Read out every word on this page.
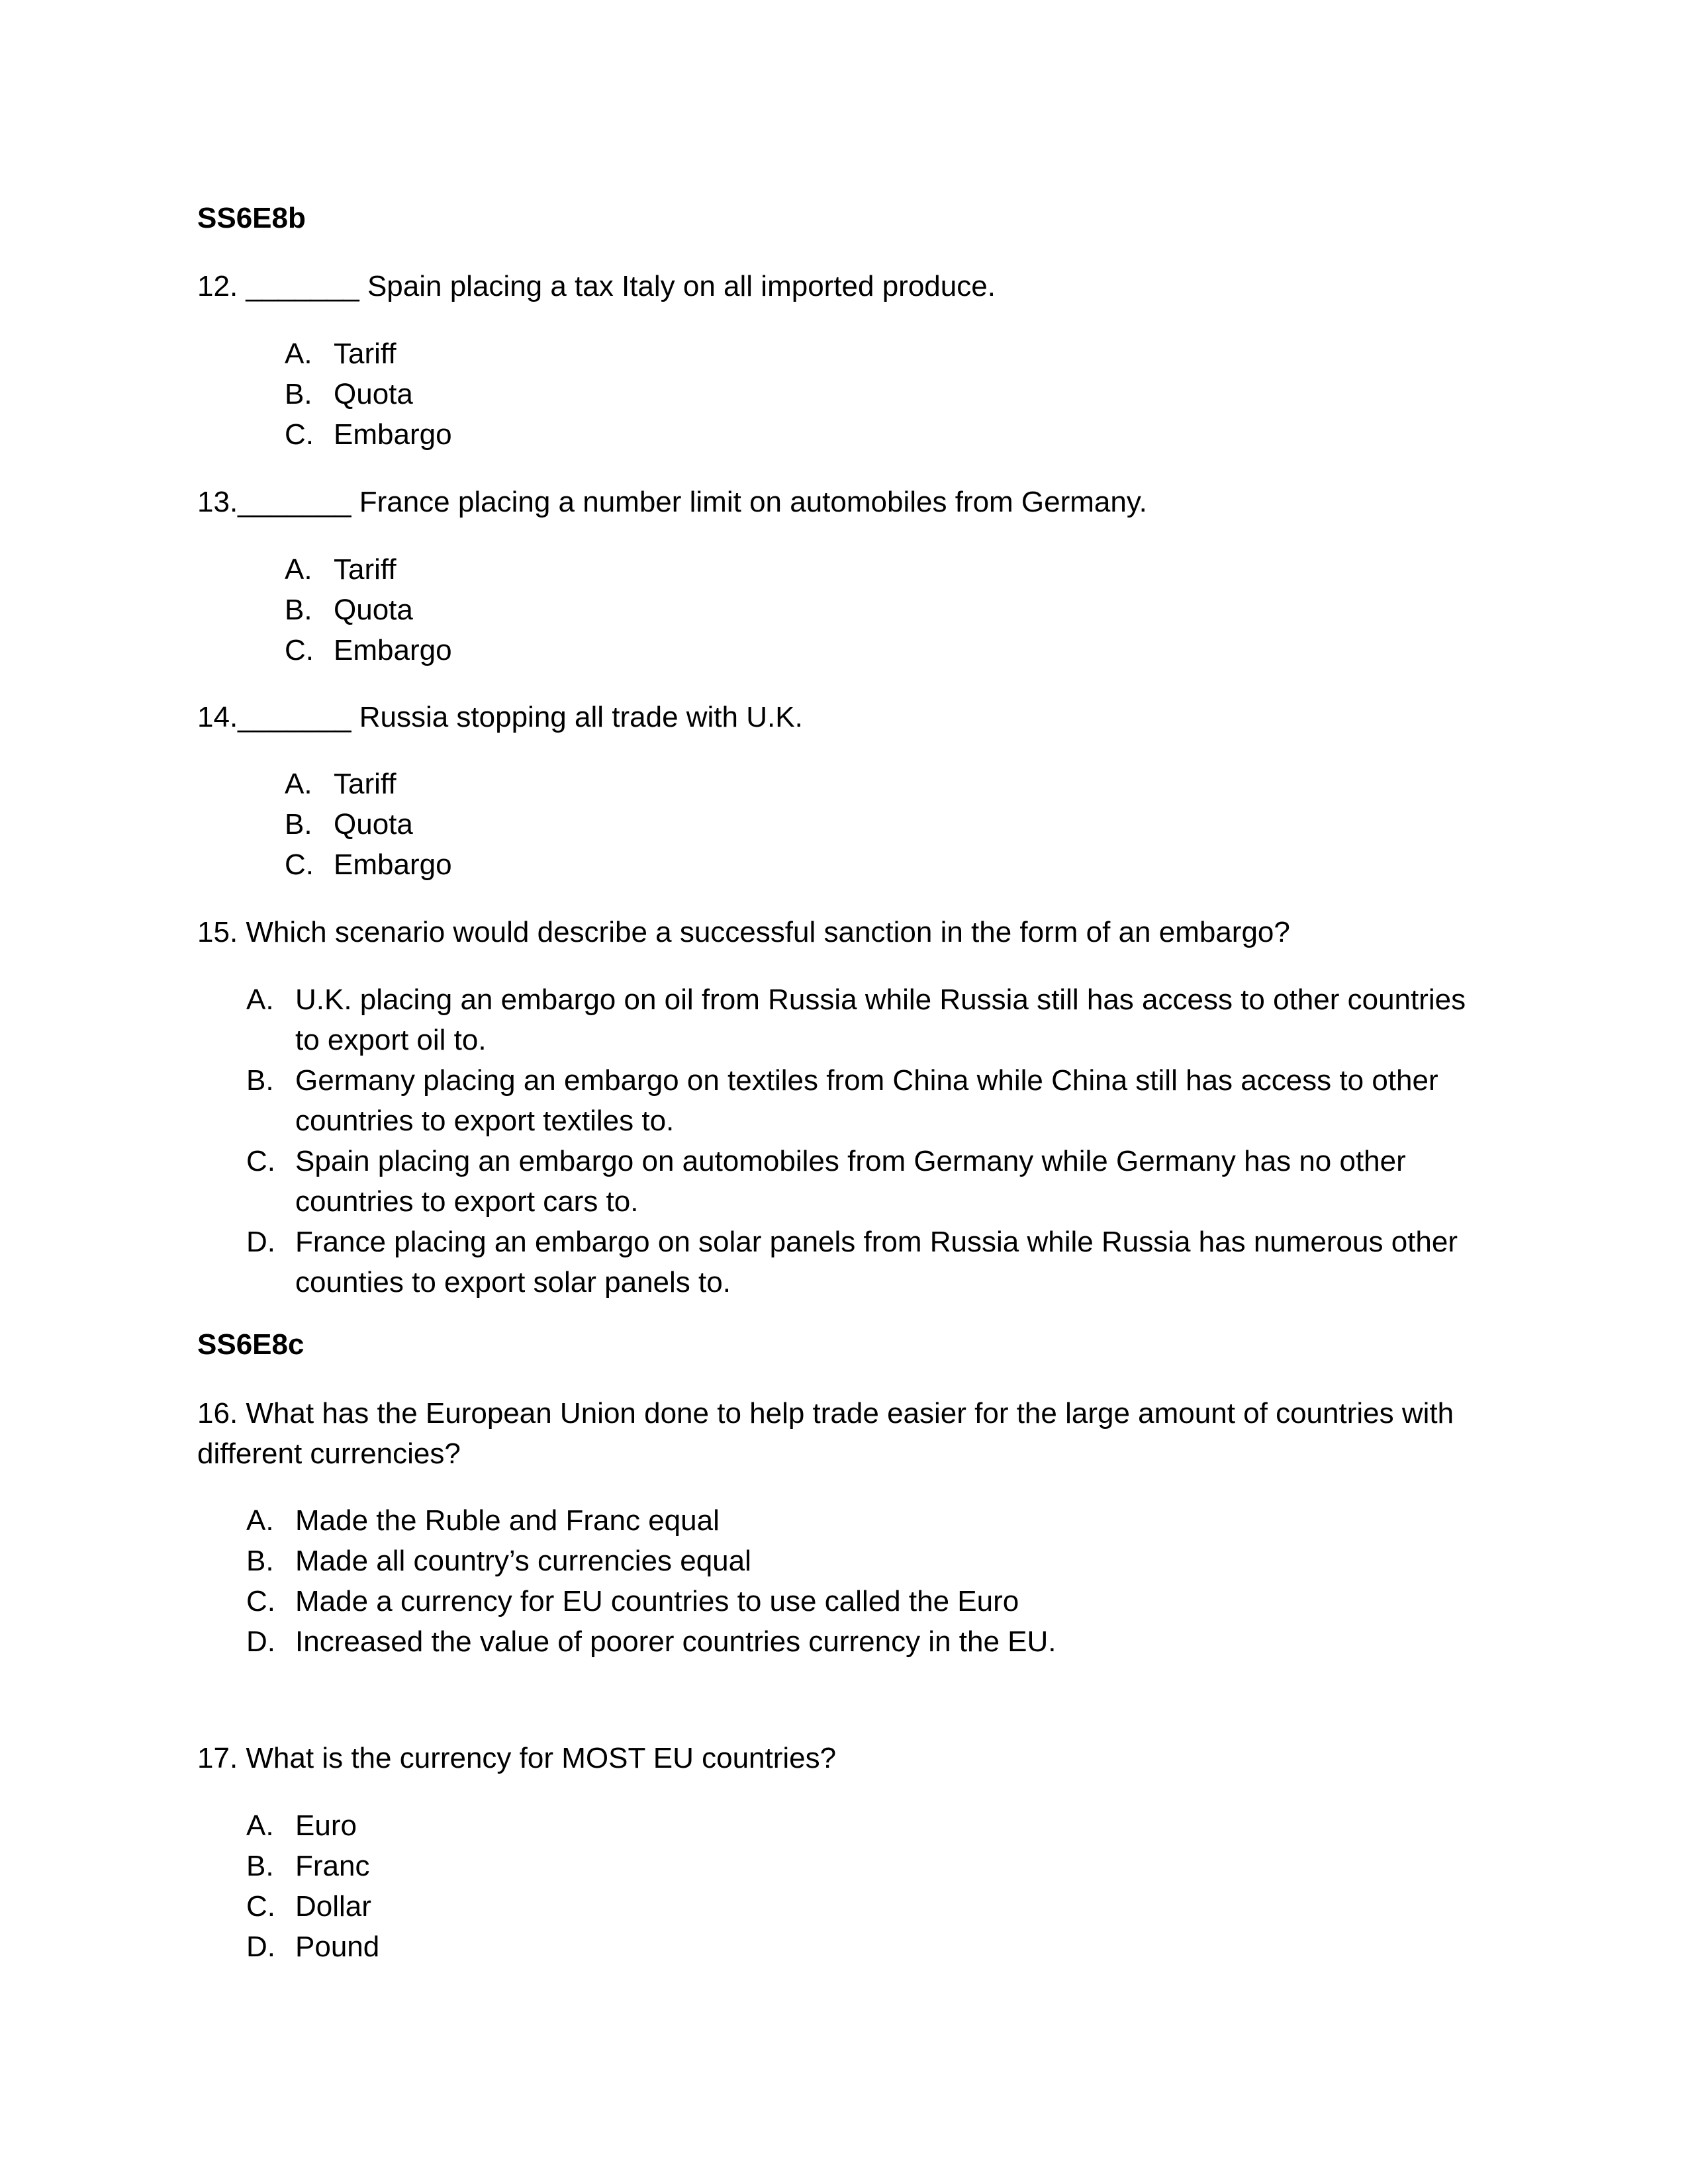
SS6E8b
12. _______ Spain placing a tax Italy on all imported produce.
A. Tariff
B. Quota
C. Embargo
13._______ France placing a number limit on automobiles from Germany.
A. Tariff
B. Quota
C. Embargo
14._______ Russia stopping all trade with U.K.
A. Tariff
B. Quota
C. Embargo
15. Which scenario would describe a successful sanction in the form of an embargo?
A. U.K. placing an embargo on oil from Russia while Russia still has access to other countries to export oil to.
B. Germany placing an embargo on textiles from China while China still has access to other countries to export textiles to.
C. Spain placing an embargo on automobiles from Germany while Germany has no other countries to export cars to.
D. France placing an embargo on solar panels from Russia while Russia has numerous other counties to export solar panels to.
SS6E8c
16. What has the European Union done to help trade easier for the large amount of countries with different currencies?
A. Made the Ruble and Franc equal
B. Made all country’s currencies equal
C. Made a currency for EU countries to use called the Euro
D. Increased the value of poorer countries currency in the EU.
17. What is the currency for MOST EU countries?
A. Euro
B. Franc
C. Dollar
D. Pound
